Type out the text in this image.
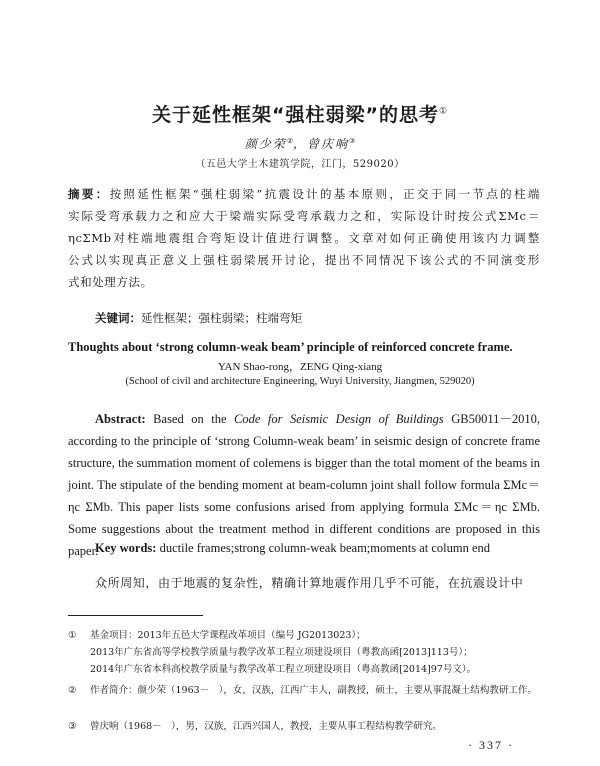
关于延性框架“强柱弱梁”的思考①
颜少荣②，曾庆响③
（五邑大学土木建筑学院，江门，529020）
摘要：按照延性框架“强柱弱梁”抗震设计的基本原则，正交于同一节点的柱端
实际受弯承载力之和应大于梁端实际受弯承载力之和，实际设计时按公式ΣMc＝
ηcΣMb对柱端地震组合弯矩设计值进行调整。文章对如何正确使用该内力调整
公式以实现真正意义上强柱弱梁展开讨论，提出不同情况下该公式的不同演变形
式和处理方法。
关键词：延性框架；强柱弱梁；柱端弯矩
Thoughts about ‘strong column-weak beam’ principle of reinforced concrete frame.
YAN Shao-rong，ZENG Qing-xiang
(School of civil and architecture Engineering, Wuyi University, Jiangmen, 529020)
Abstract: Based on the Code for Seismic Design of Buildings GB50011－2010, according to the principle of ‘strong Column-weak beam’ in seismic design of concrete frame structure, the summation moment of colemens is bigger than the total moment of the beams in joint. The stipulate of the bending moment at beam-column joint shall follow formula ΣMc＝ηc ΣMb. This paper lists some confusions arised from applying formula ΣMc＝ηc ΣMb. Some suggestions about the treatment method in different conditions are proposed in this paper.
Key words: ductile frames;strong column-weak beam;moments at column end
众所周知，由于地震的复杂性，精确计算地震作用几乎不可能，在抗震设计中
① 基金项目：2013年五邑大学课程改革项目（编号 JG2013023）；
2013年广东省高等学校教学质量与教学改革工程立项建设项目（粤教高函[2013]113号）；
2014年广东省本科高校教学质量与教学改革工程立项建设项目（粤高教函[2014]97号文）。
②	作者简介：颜少荣（1963－　），女，汉族，江西广丰人，副教授，硕士，主要从事混凝土结构教研工作。
③ 曾庆响（1968－　），男，汉族，江西兴国人，教授，主要从事工程结构教学研究。
· 337 ·
